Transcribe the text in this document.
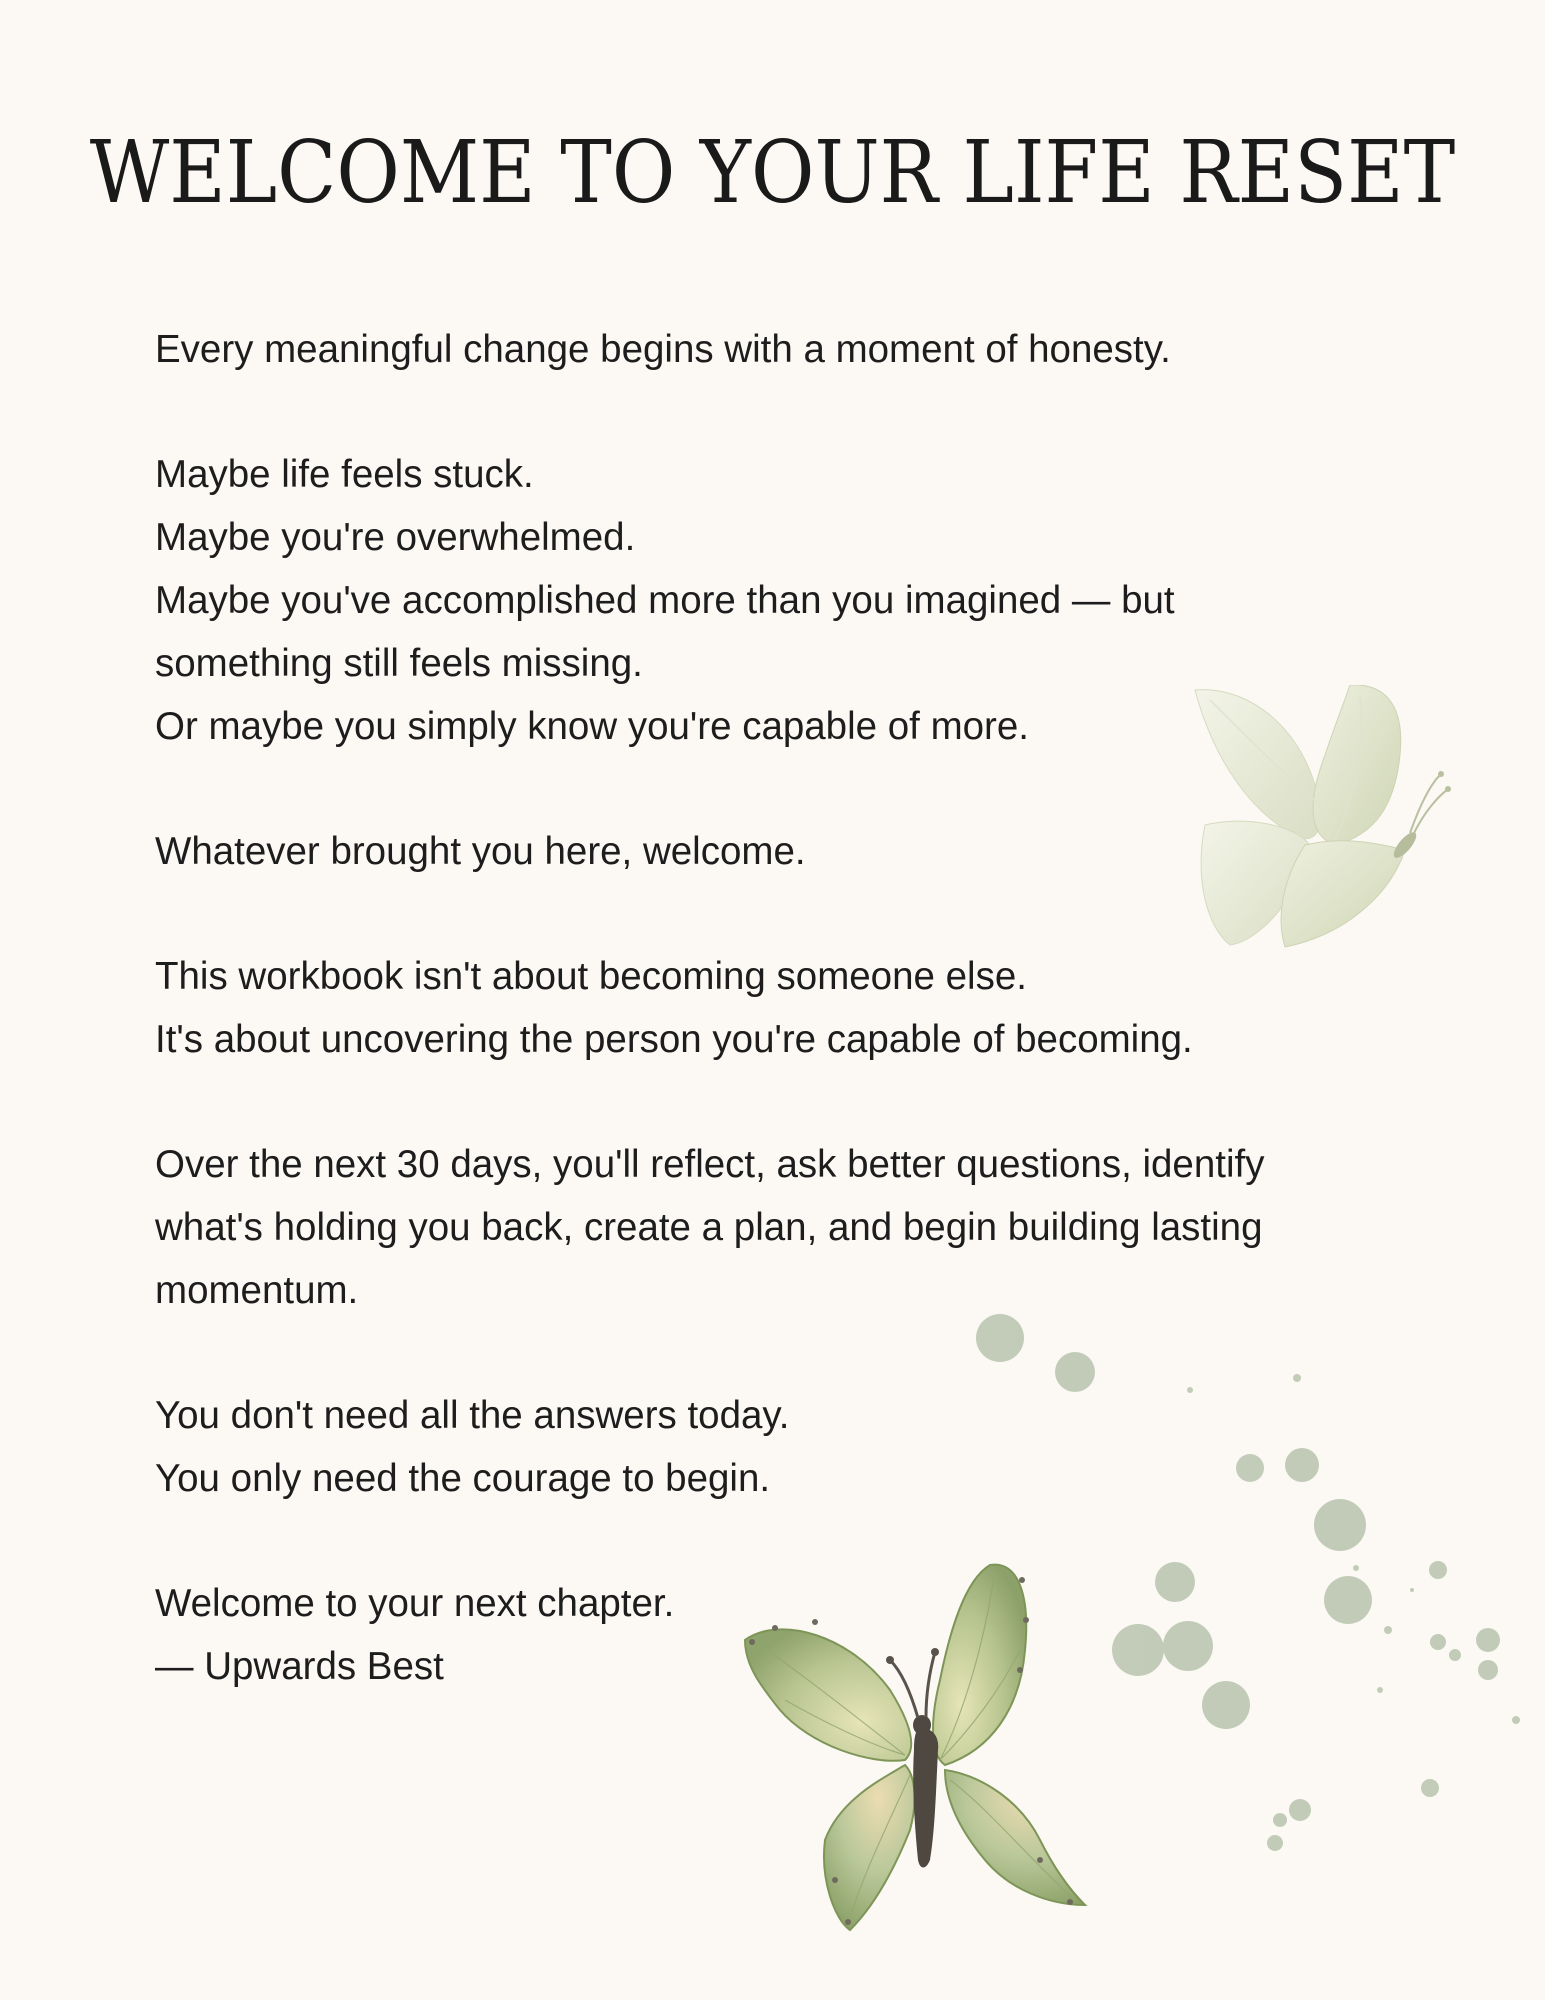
WELCOME TO YOUR LIFE RESET
Every meaningful change begins with a moment of honesty.
Maybe life feels stuck.
Maybe you're overwhelmed.
Maybe you've accomplished more than you imagined — but
something still feels missing.
Or maybe you simply know you're capable of more.
Whatever brought you here, welcome.
This workbook isn't about becoming someone else.
It's about uncovering the person you're capable of becoming.
Over the next 30 days, you'll reflect, ask better questions, identify
what's holding you back, create a plan, and begin building lasting
momentum.
You don't need all the answers today.
You only need the courage to begin.
Welcome to your next chapter.
— Upwards Best
